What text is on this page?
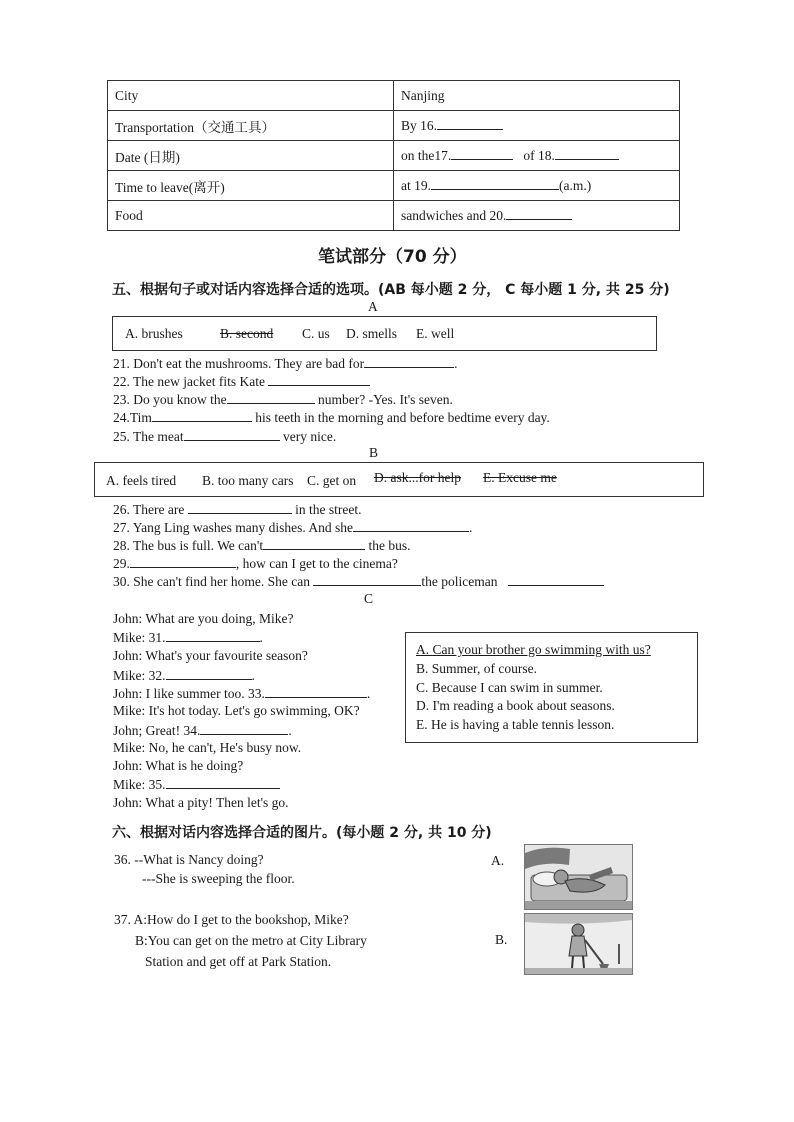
City	Nanjing
Transportation（交通工具）	By 16.
Date (日期)	on the17. of 18.
Time to leave(离开)	at 19. (a.m.)
Food	sandwiches and 20.
笔试部分（70 分）
五、根据句子或对话内容选择合适的选项。(AB 每小题 2 分， C 每小题 1 分, 共 25 分)
A
A. brushes	B. second C. us D. smells E. well
21. Don't eat the mushrooms. They are bad for	.
22. The new jacket fits Kate
23. Do you know the	number? -Yes. It's seven.
24.Tim	his teeth in the morning and before bedtime every day.
25. The meat	very nice.
B
A. feels tired B. too many cars C. get on D. ask...for help E. Excuse me
26. There are	in the street.
27. Yang Ling washes many dishes. And she	.
28. The bus is full. We can't	the bus.
29.	, how can I get to the cinema?
30. She can't find her home. She can	the policeman
C
John: What are you doing, Mike?
Mike: 31.	.
John: What's your favourite season?
Mike: 32.	.
John: I like summer too. 33.	.
Mike: It's hot today. Let's go swimming, OK?
John; Great! 34.	.
Mike: No, he can't, He's busy now.
John: What is he doing?
Mike: 35.
John: What a pity! Then let's go.
A. Can your brother go swimming with us?
B. Summer, of course.
C. Because I can swim in summer.
D. I'm reading a book about seasons.
E. He is having a table tennis lesson.
六、根据对话内容选择合适的图片。(每小题 2 分, 共 10 分)
36. --What is Nancy doing?
---She is sweeping the floor.
37. A:How do I get to the bookshop, Mike?
B:You can get on the metro at City Library
Station and get off at Park Station.
A.
B.
